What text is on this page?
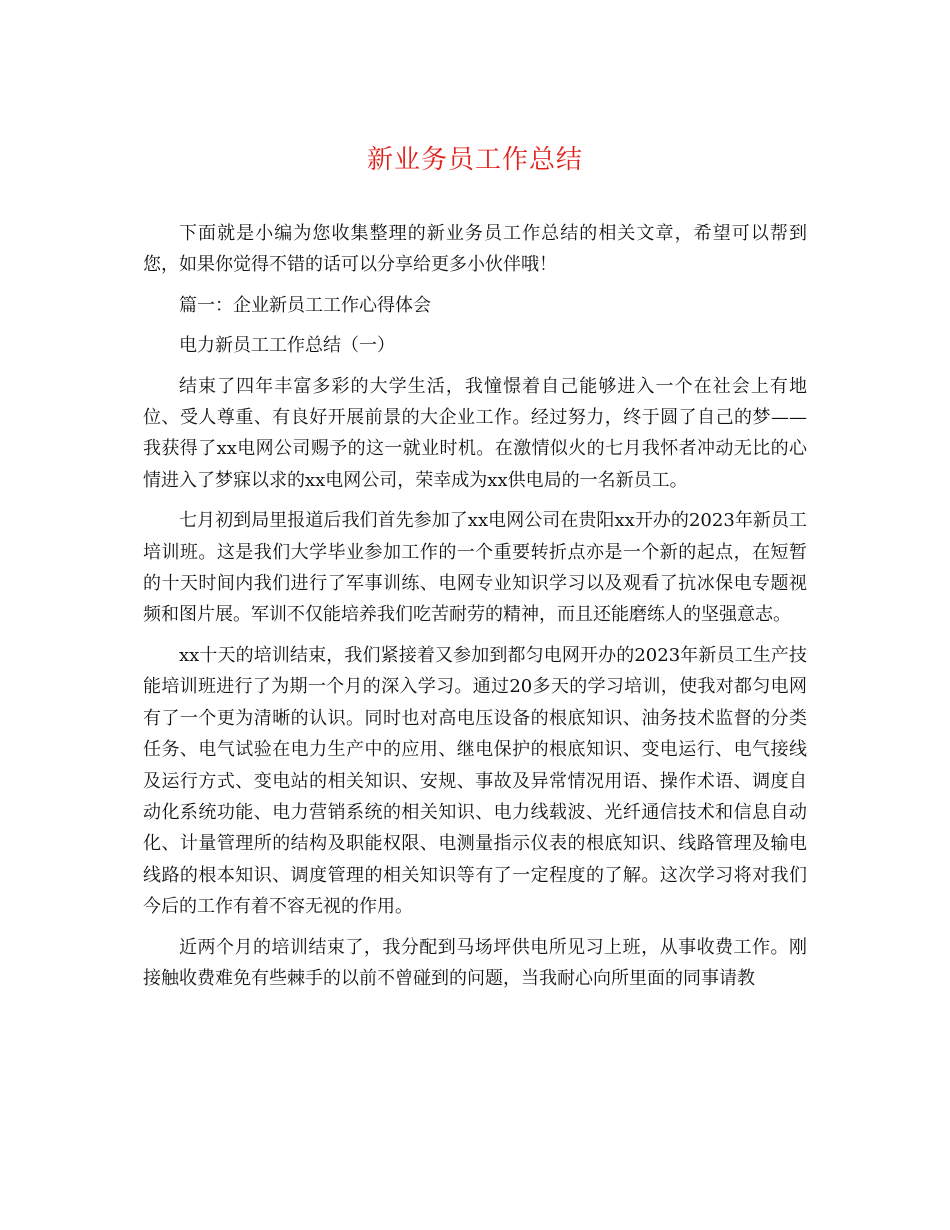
新业务员工作总结

下面就是小编为您收集整理的新业务员工作总结的相关文章，希望可以帮到您，如果你觉得不错的话可以分享给更多小伙伴哦！

篇一：企业新员工工作心得体会

电力新员工工作总结（一）

结束了四年丰富多彩的大学生活，我憧憬着自己能够进入一个在社会上有地位、受人尊重、有良好开展前景的大企业工作。经过努力，终于圆了自己的梦——我获得了xx电网公司赐予的这一就业时机。在激情似火的七月我怀者冲动无比的心情进入了梦寐以求的xx电网公司，荣幸成为xx供电局的一名新员工。

七月初到局里报道后我们首先参加了xx电网公司在贵阳xx开办的2023年新员工培训班。这是我们大学毕业参加工作的一个重要转折点亦是一个新的起点，在短暂的十天时间内我们进行了军事训练、电网专业知识学习以及观看了抗冰保电专题视频和图片展。军训不仅能培养我们吃苦耐劳的精神，而且还能磨练人的坚强意志。

xx十天的培训结束，我们紧接着又参加到都匀电网开办的2023年新员工生产技能培训班进行了为期一个月的深入学习。通过20多天的学习培训，使我对都匀电网有了一个更为清晰的认识。同时也对高电压设备的根底知识、油务技术监督的分类任务、电气试验在电力生产中的应用、继电保护的根底知识、变电运行、电气接线及运行方式、变电站的相关知识、安规、事故及异常情况用语、操作术语、调度自动化系统功能、电力营销系统的相关知识、电力线载波、光纤通信技术和信息自动化、计量管理所的结构及职能权限、电测量指示仪表的根底知识、线路管理及输电线路的根本知识、调度管理的相关知识等有了一定程度的了解。这次学习将对我们今后的工作有着不容无视的作用。

近两个月的培训结束了，我分配到马场坪供电所见习上班，从事收费工作。刚接触收费难免有些棘手的以前不曾碰到的问题，当我耐心向所里面的同事请教
